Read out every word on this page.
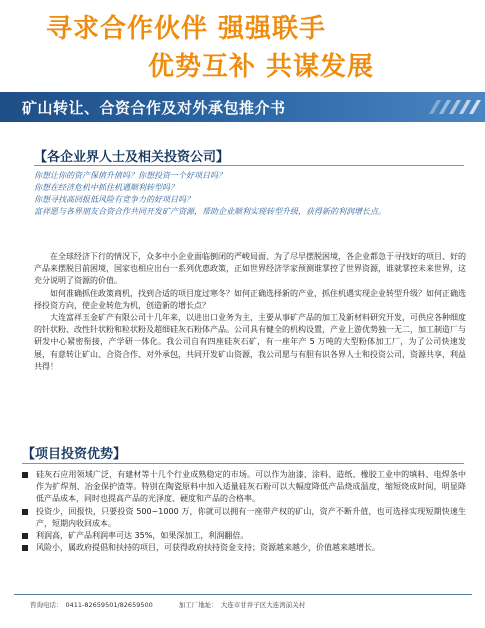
寻求合作伙伴 强强联手
优势互补 共谋发展
矿山转让、合资合作及对外承包推介书
【各企业界人士及相关投资公司】

你想让你的资产保值升值吗？你想投资一个好项目吗？

你想在经济危机中抓住机遇顺利转型吗？

你想寻找高回报低风险有竞争力的好项目吗？

富祥愿与各界朋友合资合作共同开发矿产资源，帮助企业顺利实现转型升级，获得新的利润增长点。

在全球经济下行的情况下，众多中小企业面临倒闭的严峻局面、为了尽早摆脱困境，各企业都急于寻找好的项目、好的产品来摆脱目前困境，国家也相应出台一系列优惠政策，正如世界经济学家预测谁掌控了世界资源，谁就掌控未来世界，这充分说明了资源的价值。

如何准确抓住政策商机，找到合适的项目度过寒冬？如何正确选择新的产业，抓住机遇实现企业转型升级？如何正确选择投资方向，使企业转危为机，创造新的增长点？

大连富祥玉金矿产有限公司十几年来，以进出口业务为主，主要从事矿产品的加工及新材料研究开发，可供应各种细度的针状粉、改性针状粉和粒状粉及超细硅灰石粉体产品。公司具有健全的机构设置，产业上游优势独一无二，加工制造厂与研发中心紧密衔接，产学研一体化。我公司自有四座硅灰石矿，有一座年产 5 万吨的大型粉体加工厂，为了公司快速发展，有意转让矿山、合资合作、对外承包，共同开发矿山资源，我公司愿与有胆有识各界人士和投资公司，资源共享，利益共得！

【项目投资优势】
硅灰石应用领域广泛，有建材等十几个行业成熟稳定的市场。可以作为油漆、涂料、造纸、橡胶工业中的填料、电焊条中作为扩焊剂、冶金保护渣等。特别在陶瓷原料中加入适量硅灰石粉可以大幅度降低产品烧成温度，缩短烧成时间，明显降低产品成本，同时也提高产品的光泽度、硬度和产品的合格率。
投资少，回报快，只要投资 500~1000 万，你就可以拥有一座带产权的矿山，资产不断升值，也可选择实现短期快速生产，短期内收回成本。
利润高，矿产品利润率可达 35%，如果深加工，利润翻倍。
风险小，属政府提倡和扶持的项目，可获得政府扶持资金支持；资源越来越少，价值越来越增长。
咨询电话： 0411-82659501/82659500	加工厂地址： 大连市甘井子区大连湾前关村
